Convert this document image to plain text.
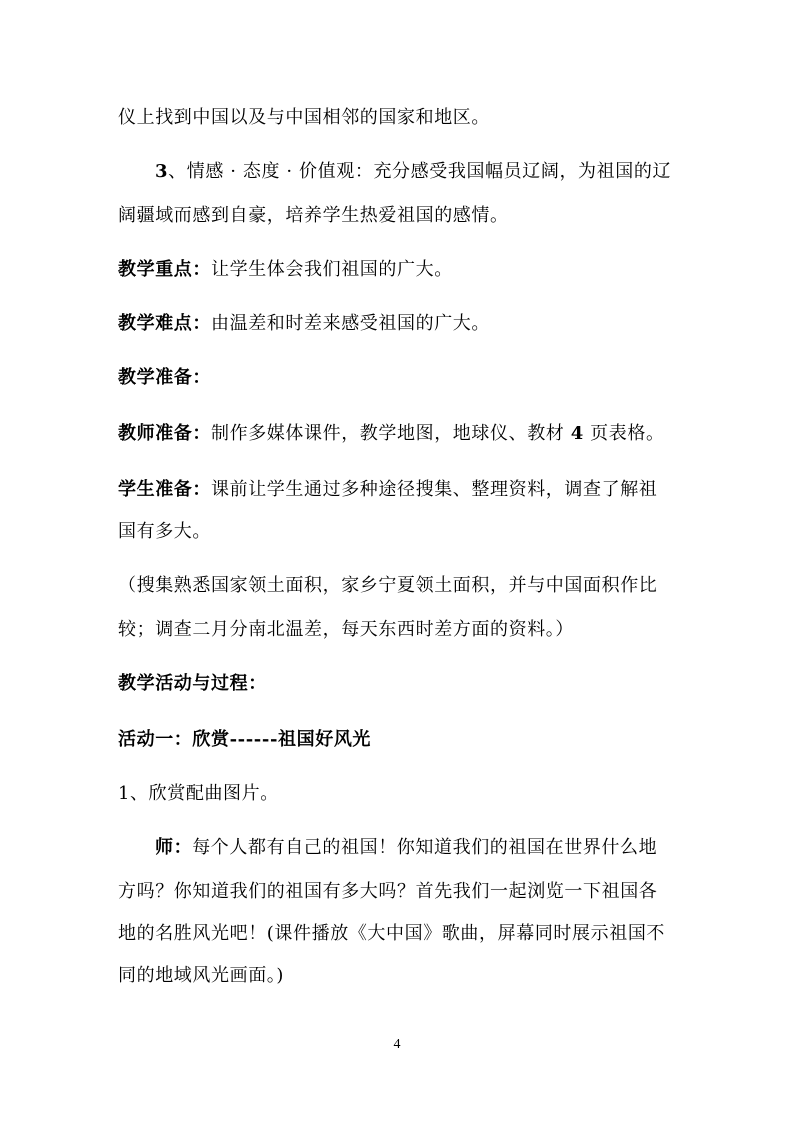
仪上找到中国以及与中国相邻的国家和地区。
3、情感 · 态度 · 价值观：充分感受我国幅员辽阔，为祖国的辽
阔疆域而感到自豪，培养学生热爱祖国的感情。
教学重点：让学生体会我们祖国的广大。
教学难点：由温差和时差来感受祖国的广大。
教学准备：
教师准备：制作多媒体课件，教学地图，地球仪、教材 4 页表格。
学生准备：课前让学生通过多种途径搜集、整理资料，调查了解祖
国有多大。
（搜集熟悉国家领土面积，家乡宁夏领土面积，并与中国面积作比
较；调查二月分南北温差，每天东西时差方面的资料。）
教学活动与过程：
活动一：欣赏------祖国好风光
1、欣赏配曲图片。
师：每个人都有自己的祖国！你知道我们的祖国在世界什么地
方吗？你知道我们的祖国有多大吗？首先我们一起浏览一下祖国各
地的名胜风光吧！(课件播放《大中国》歌曲，屏幕同时展示祖国不
同的地域风光画面。)
4
